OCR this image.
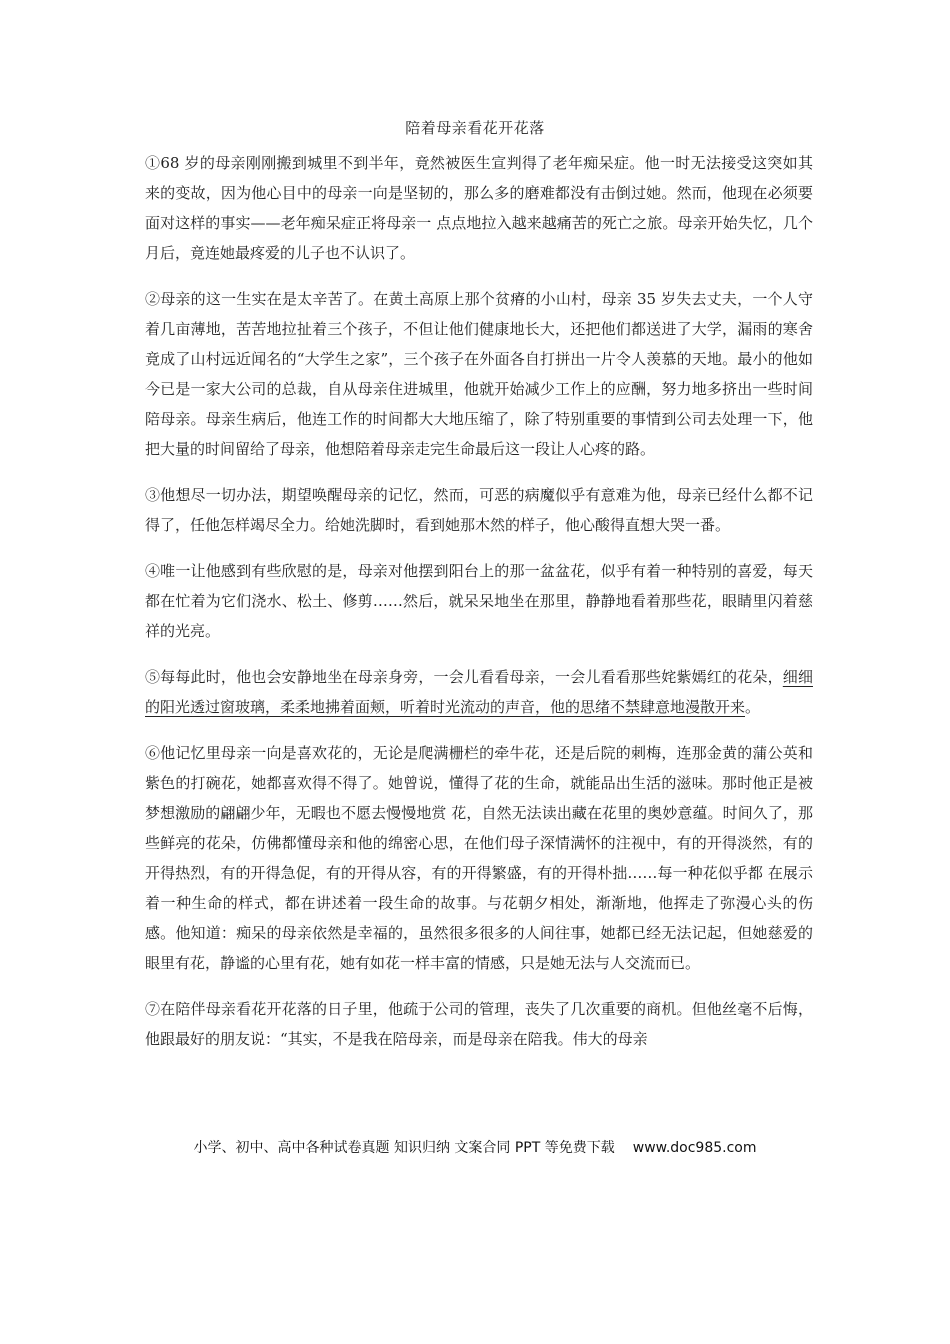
陪着母亲看花开花落

①68 岁的母亲刚刚搬到城里不到半年，竟然被医生宣判得了老年痴呆症。他一时无法接受这突如其来的变故，因为他心目中的母亲一向是坚韧的，那么多的磨难都没有击倒过她。然而，他现在必须要面对这样的事实——老年痴呆症正将母亲一 点点地拉入越来越痛苦的死亡之旅。母亲开始失忆，几个月后，竟连她最疼爱的儿子也不认识了。

②母亲的这一生实在是太辛苦了。在黄土高原上那个贫瘠的小山村，母亲 35 岁失去丈夫，一个人守着几亩薄地，苦苦地拉扯着三个孩子，不但让他们健康地长大，还把他们都送进了大学，漏雨的寒舍竟成了山村远近闻名的“大学生之家”，三个孩子在外面各自打拼出一片令人羡慕的天地。最小的他如今已是一家大公司的总裁，自从母亲住进城里，他就开始减少工作上的应酬，努力地多挤出一些时间陪母亲。母亲生病后，他连工作的时间都大大地压缩了，除了特别重要的事情到公司去处理一下，他把大量的时间留给了母亲，他想陪着母亲走完生命最后这一段让人心疼的路。

③他想尽一切办法，期望唤醒母亲的记忆，然而，可恶的病魔似乎有意难为他，母亲已经什么都不记得了，任他怎样竭尽全力。给她洗脚时，看到她那木然的样子，他心酸得直想大哭一番。

④唯一让他感到有些欣慰的是，母亲对他摆到阳台上的那一盆盆花，似乎有着一种特别的喜爱，每天都在忙着为它们浇水、松土、修剪……然后，就呆呆地坐在那里，静静地看着那些花，眼睛里闪着慈祥的光亮。

⑤每每此时，他也会安静地坐在母亲身旁，一会儿看看母亲，一会儿看看那些姹紫嫣红的花朵，细细的阳光透过窗玻璃，柔柔地拂着面颊，听着时光流动的声音，他的思绪不禁肆意地漫散开来。

⑥他记忆里母亲一向是喜欢花的，无论是爬满栅栏的牵牛花，还是后院的刺梅，连那金黄的蒲公英和紫色的打碗花，她都喜欢得不得了。她曾说，懂得了花的生命，就能品出生活的滋味。那时他正是被梦想激励的翩翩少年，无暇也不愿去慢慢地赏 花，自然无法读出藏在花里的奥妙意蕴。时间久了，那些鲜亮的花朵，仿佛都懂母亲和他的绵密心思，在他们母子深情满怀的注视中，有的开得淡然，有的开得热烈，有的开得急促，有的开得从容，有的开得繁盛，有的开得朴拙……每一种花似乎都 在展示着一种生命的样式，都在讲述着一段生命的故事。与花朝夕相处，渐渐地，他挥走了弥漫心头的伤感。他知道：痴呆的母亲依然是幸福的，虽然很多很多的人间往事，她都已经无法记起，但她慈爱的眼里有花，静谧的心里有花，她有如花一样丰富的情感，只是她无法与人交流而已。

⑦在陪伴母亲看花开花落的日子里，他疏于公司的管理，丧失了几次重要的商机。但他丝毫不后悔，他跟最好的朋友说：“其实，不是我在陪母亲，而是母亲在陪我。伟大的母亲

小学、初中、高中各种试卷真题 知识归纳 文案合同 PPT 等免费下载 www.doc985.com
